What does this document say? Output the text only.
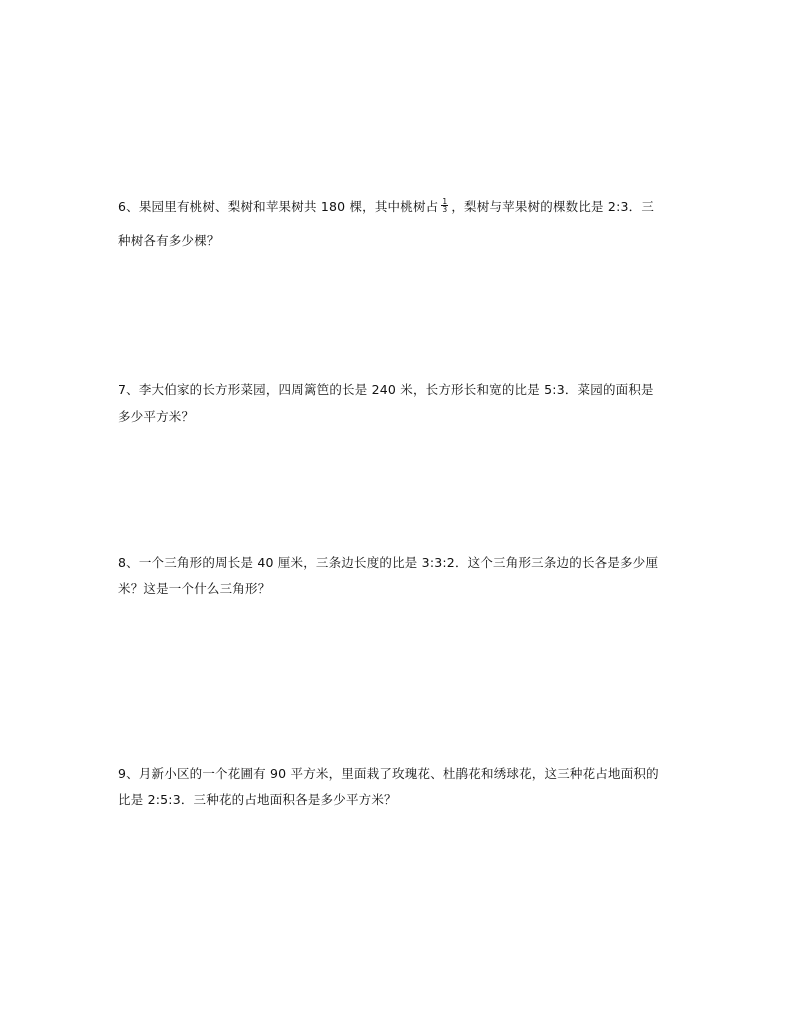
6、果园里有桃树、梨树和苹果树共 180 棵，其中桃树占 $\frac{1}{3}$ ，梨树与苹果树的棵数比是 2:3．三
种树各有多少棵？
7、李大伯家的长方形菜园，四周篱笆的长是 240 米，长方形长和宽的比是 5:3．菜园的面积是
多少平方米？
8、一个三角形的周长是 40 厘米，三条边长度的比是 3:3:2．这个三角形三条边的长各是多少厘
米？这是一个什么三角形？
9、月新小区的一个花圃有 90 平方米，里面栽了玫瑰花、杜鹃花和绣球花，这三种花占地面积的
比是 2:5:3．三种花的占地面积各是多少平方米？
